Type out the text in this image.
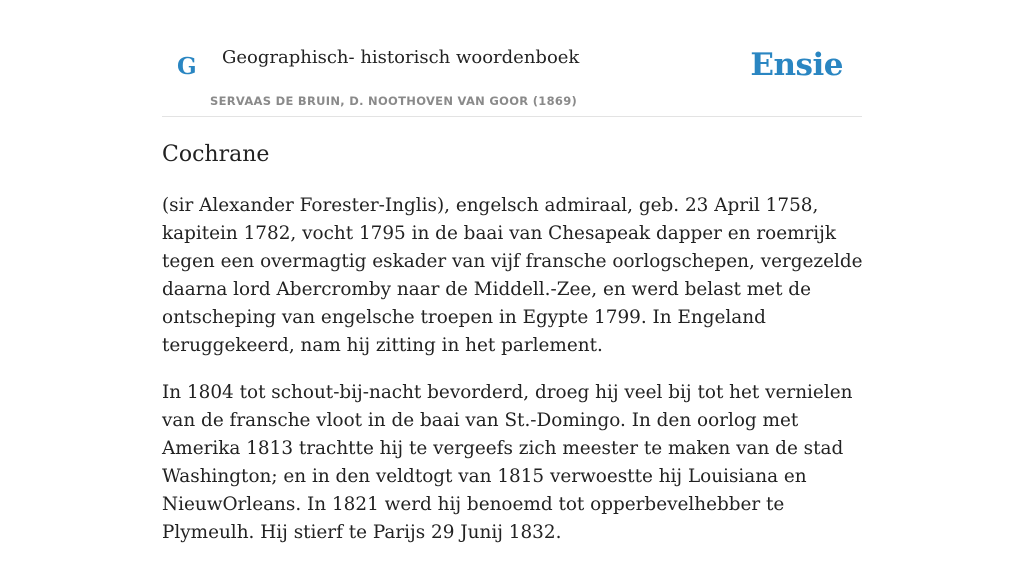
G Geographisch- historisch woordenboek
SERVAAS DE BRUIN, D. NOOTHOVEN VAN GOOR (1869)
Ensie
Cochrane

(sir Alexander Forester-Inglis), engelsch admiraal, geb. 23 April 1758, kapitein 1782, vocht 1795 in de baai van Chesapeak dapper en roemrijk tegen een overmagtig eskader van vijf fransche oorlogschepen, vergezelde daarna lord Abercromby naar de Middell.-Zee, en werd belast met de ontscheping van engelsche troepen in Egypte 1799. In Engeland teruggekeerd, nam hij zitting in het parlement.

In 1804 tot schout-bij-nacht bevorderd, droeg hij veel bij tot het vernielen van de fransche vloot in de baai van St.-Domingo. In den oorlog met Amerika 1813 trachtte hij te vergeefs zich meester te maken van de stad Washington; en in den veldtogt van 1815 verwoestte hij Louisiana en NieuwOrleans. In 1821 werd hij benoemd tot opperbevelhebber te Plymeulh. Hij stierf te Parijs 29 Junij 1832.
